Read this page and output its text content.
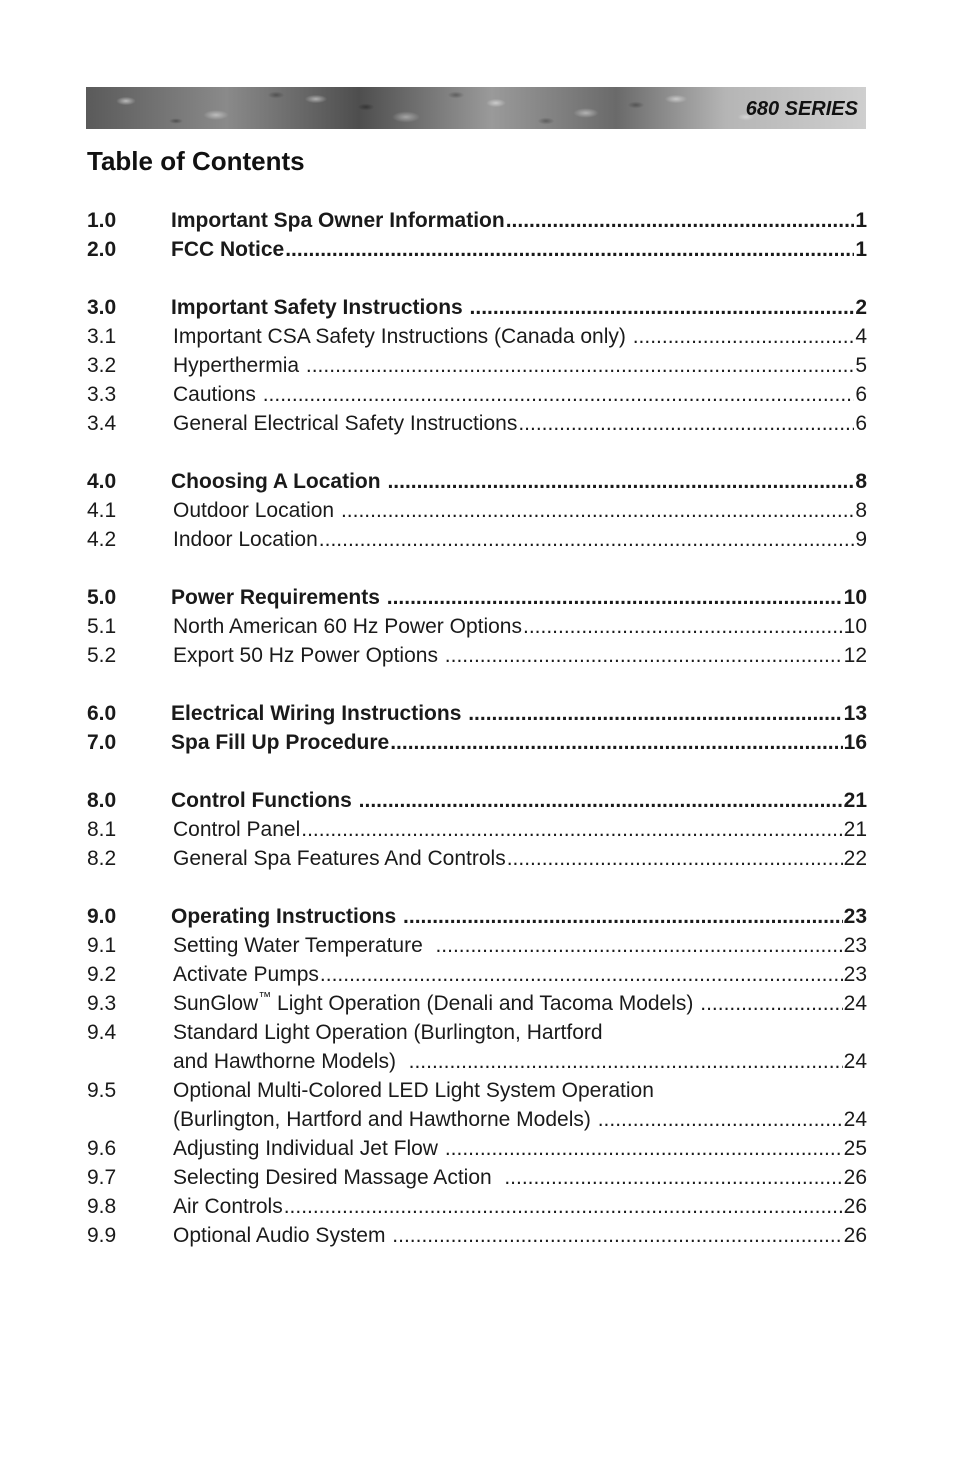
680 SERIES
Table of Contents
1.0	Important Spa Owner Information .....	1
2.0	FCC Notice .....	1
3.0	Important Safety Instructions .....	2
3.1	Important CSA Safety Instructions (Canada only) .....	4
3.2	Hyperthermia .....	5
3.3	Cautions .....	6
3.4	General Electrical Safety Instructions .....	6
4.0	Choosing A Location .....	8
4.1	Outdoor Location .....	8
4.2	Indoor Location .....	9
5.0	Power Requirements .....	10
5.1	North American 60 Hz Power Options .....	10
5.2	Export 50 Hz Power Options .....	12
6.0	Electrical Wiring Instructions .....	13
7.0	Spa Fill Up Procedure .....	16
8.0	Control Functions .....	21
8.1	Control Panel .....	21
8.2	General Spa Features And Controls .....	22
9.0	Operating Instructions .....	23
9.1	Setting Water Temperature .....	23
9.2	Activate Pumps .....	23
9.3	SunGlow™ Light Operation (Denali and Tacoma Models) .....	24
9.4	Standard Light Operation (Burlington, Hartford
and Hawthorne Models) .....	24
9.5	Optional Multi-Colored LED Light System Operation
(Burlington, Hartford and Hawthorne Models) .....	24
9.6	Adjusting Individual Jet Flow .....	25
9.7	Selecting Desired Massage Action .....	26
9.8	Air Controls .....	26
9.9	Optional Audio System .....	26
